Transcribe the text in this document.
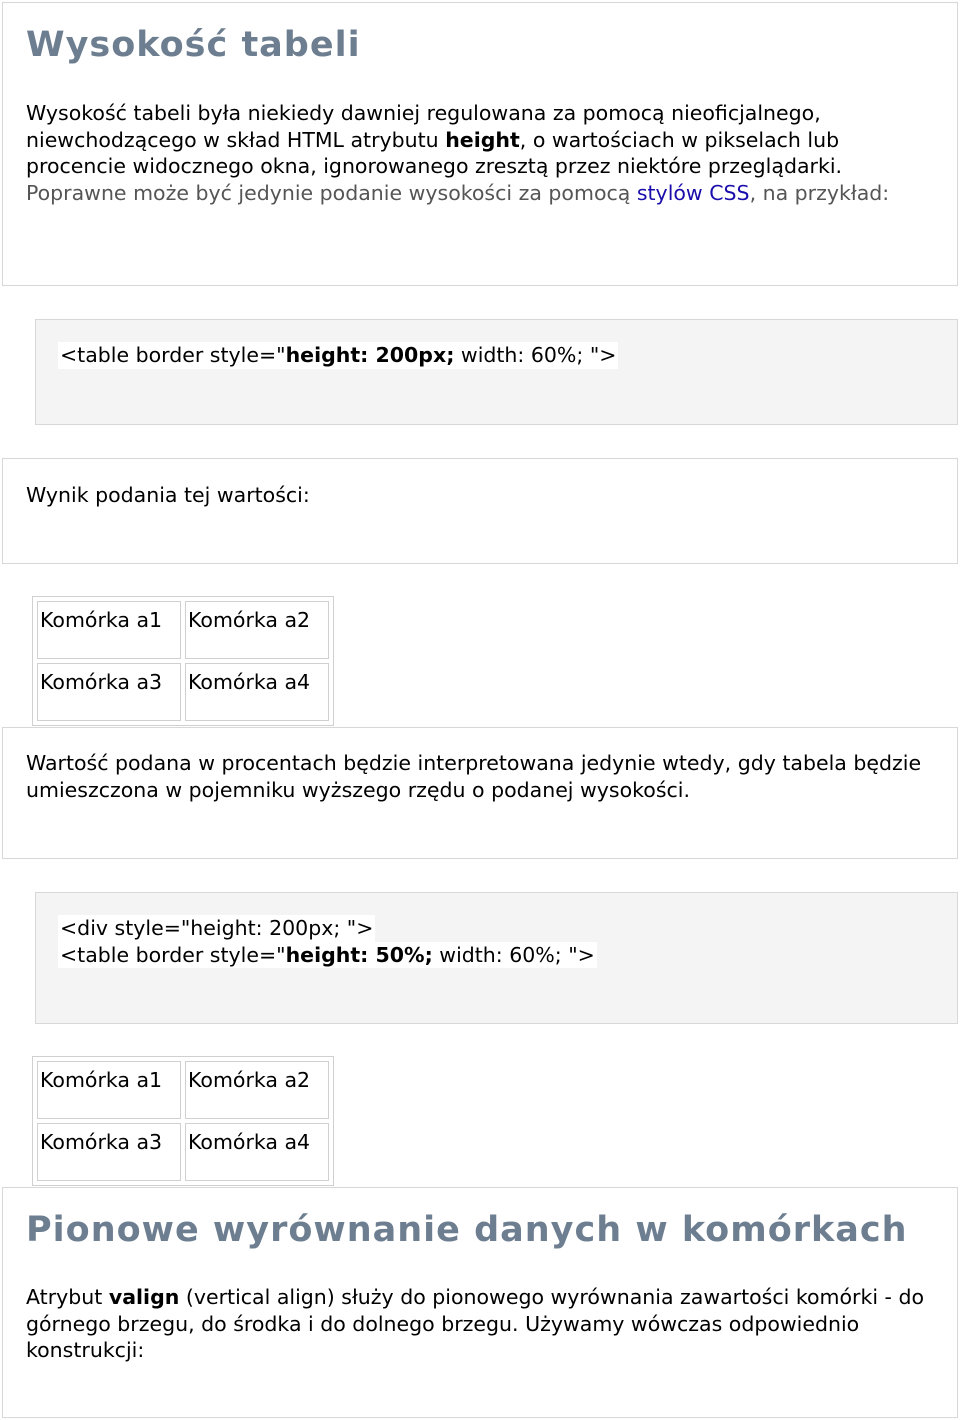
Wysokość tabeli

Wysokość tabeli była niekiedy dawniej regulowana za pomocą nieoficjalnego, niewchodzącego w skład HTML atrybutu height, o wartościach w pikselach lub procencie widocznego okna, ignorowanego zresztą przez niektóre przeglądarki. Poprawne może być jedynie podanie wysokości za pomocą stylów CSS, na przykład:

<table border style="height: 200px; width: 60%; ">

Wynik podania tej wartości:

Wartość podana w procentach będzie interpretowana jedynie wtedy, gdy tabela będzie umieszczona w pojemniku wyższego rzędu o podanej wysokości.

Komórka a1	Komórka a2
Komórka a3	Komórka a4
<div style="height: 200px; ">
<table border style="height: 50%; width: 60%; ">
Komórka a1	Komórka a2
Komórka a3	Komórka a4
Pionowe wyrównanie danych w komórkach

Atrybut valign (vertical align) służy do pionowego wyrównania zawartości komórki - do górnego brzegu, do środka i do dolnego brzegu. Używamy wówczas odpowiednio konstrukcji:
